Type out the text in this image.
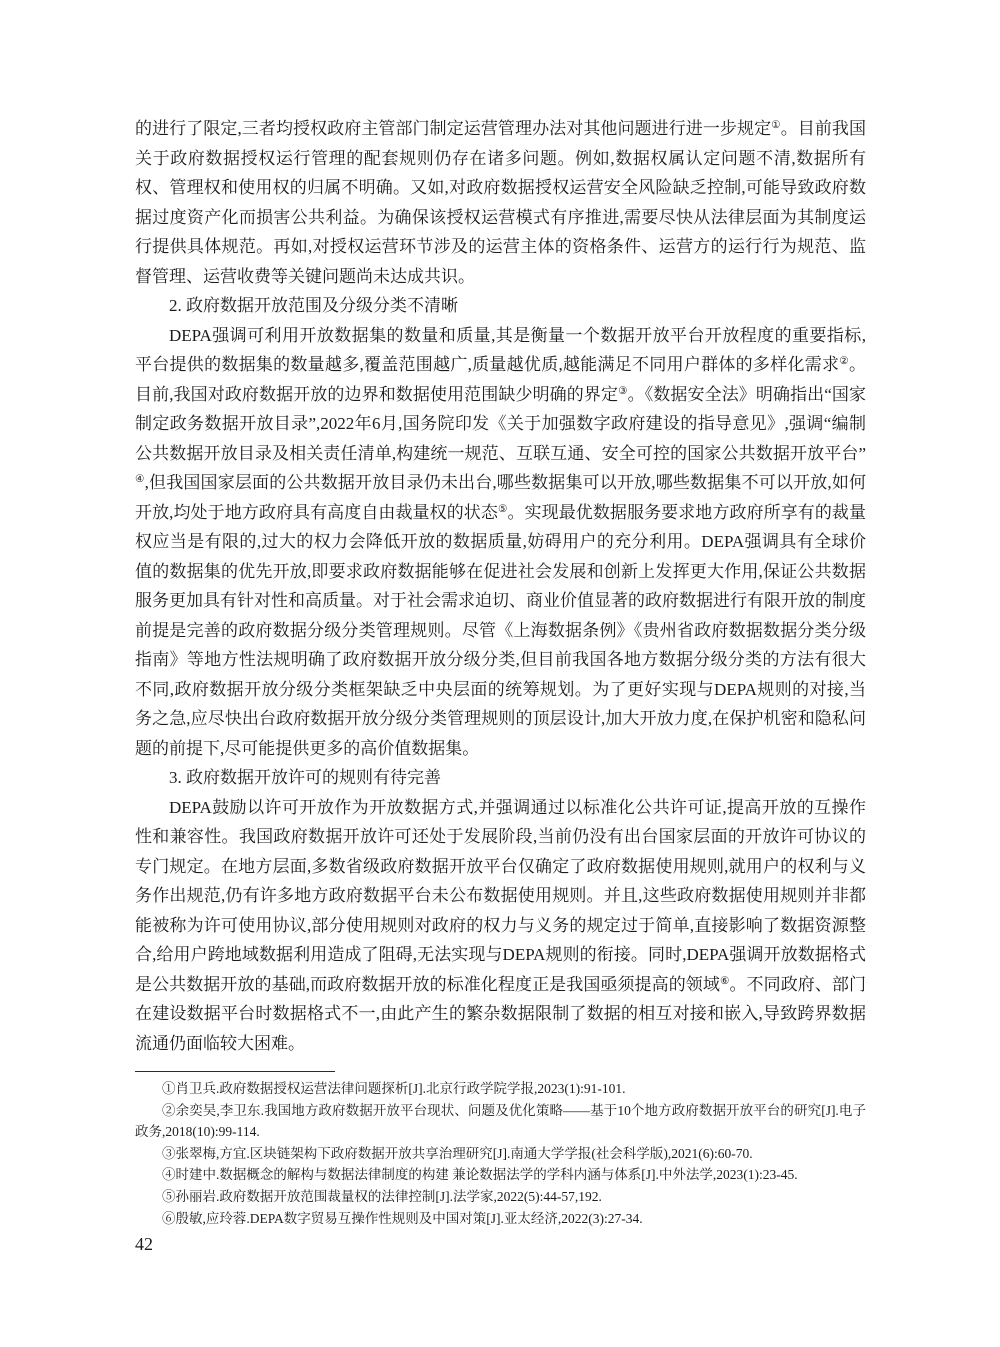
的进行了限定,三者均授权政府主管部门制定运营管理办法对其他问题进行进一步规定①。目前我国关于政府数据授权运行管理的配套规则仍存在诸多问题。例如,数据权属认定问题不清,数据所有权、管理权和使用权的归属不明确。又如,对政府数据授权运营安全风险缺乏控制,可能导致政府数据过度资产化而损害公共利益。为确保该授权运营模式有序推进,需要尽快从法律层面为其制度运行提供具体规范。再如,对授权运营环节涉及的运营主体的资格条件、运营方的运行行为规范、监督管理、运营收费等关键问题尚未达成共识。

2. 政府数据开放范围及分级分类不清晰

DEPA强调可利用开放数据集的数量和质量,其是衡量一个数据开放平台开放程度的重要指标,平台提供的数据集的数量越多,覆盖范围越广,质量越优质,越能满足不同用户群体的多样化需求②。目前,我国对政府数据开放的边界和数据使用范围缺少明确的界定③。《数据安全法》明确指出“国家制定政务数据开放目录”,2022年6月,国务院印发《关于加强数字政府建设的指导意见》,强调“编制公共数据开放目录及相关责任清单,构建统一规范、互联互通、安全可控的国家公共数据开放平台”④,但我国国家层面的公共数据开放目录仍未出台,哪些数据集可以开放,哪些数据集不可以开放,如何开放,均处于地方政府具有高度自由裁量权的状态⑤。实现最优数据服务要求地方政府所享有的裁量权应当是有限的,过大的权力会降低开放的数据质量,妨碍用户的充分利用。DEPA强调具有全球价值的数据集的优先开放,即要求政府数据能够在促进社会发展和创新上发挥更大作用,保证公共数据服务更加具有针对性和高质量。对于社会需求迫切、商业价值显著的政府数据进行有限开放的制度前提是完善的政府数据分级分类管理规则。尽管《上海数据条例》《贵州省政府数据数据分类分级指南》等地方性法规明确了政府数据开放分级分类,但目前我国各地方数据分级分类的方法有很大不同,政府数据开放分级分类框架缺乏中央层面的统筹规划。为了更好实现与DEPA规则的对接,当务之急,应尽快出台政府数据开放分级分类管理规则的顶层设计,加大开放力度,在保护机密和隐私问题的前提下,尽可能提供更多的高价值数据集。

3. 政府数据开放许可的规则有待完善

DEPA鼓励以许可开放作为开放数据方式,并强调通过以标准化公共许可证,提高开放的互操作性和兼容性。我国政府数据开放许可还处于发展阶段,当前仍没有出台国家层面的开放许可协议的专门规定。在地方层面,多数省级政府数据开放平台仅确定了政府数据使用规则,就用户的权利与义务作出规范,仍有许多地方政府数据平台未公布数据使用规则。并且,这些政府数据使用规则并非都能被称为许可使用协议,部分使用规则对政府的权力与义务的规定过于简单,直接影响了数据资源整合,给用户跨地域数据利用造成了阻碍,无法实现与DEPA规则的衔接。同时,DEPA强调开放数据格式是公共数据开放的基础,而政府数据开放的标准化程度正是我国亟须提高的领域⑥。不同政府、部门在建设数据平台时数据格式不一,由此产生的繁杂数据限制了数据的相互对接和嵌入,导致跨界数据流通仍面临较大困难。

①肖卫兵.政府数据授权运营法律问题探析[J].北京行政学院学报,2023(1):91-101.

②余奕吴,李卫东.我国地方政府数据开放平台现状、问题及优化策略——基于10个地方政府数据开放平台的研究[J].电子政务,2018(10):99-114.

③张翠梅,方宜.区块链架构下政府数据开放共享治理研究[J].南通大学学报(社会科学版),2021(6):60-70.

④时建中.数据概念的解构与数据法律制度的构建 兼论数据法学的学科内涵与体系[J].中外法学,2023(1):23-45.

⑤孙丽岩.政府数据开放范围裁量权的法律控制[J].法学家,2022(5):44-57,192.

⑥殷敏,应玲蓉.DEPA数字贸易互操作性规则及中国对策[J].亚太经济,2022(3):27-34.

42
